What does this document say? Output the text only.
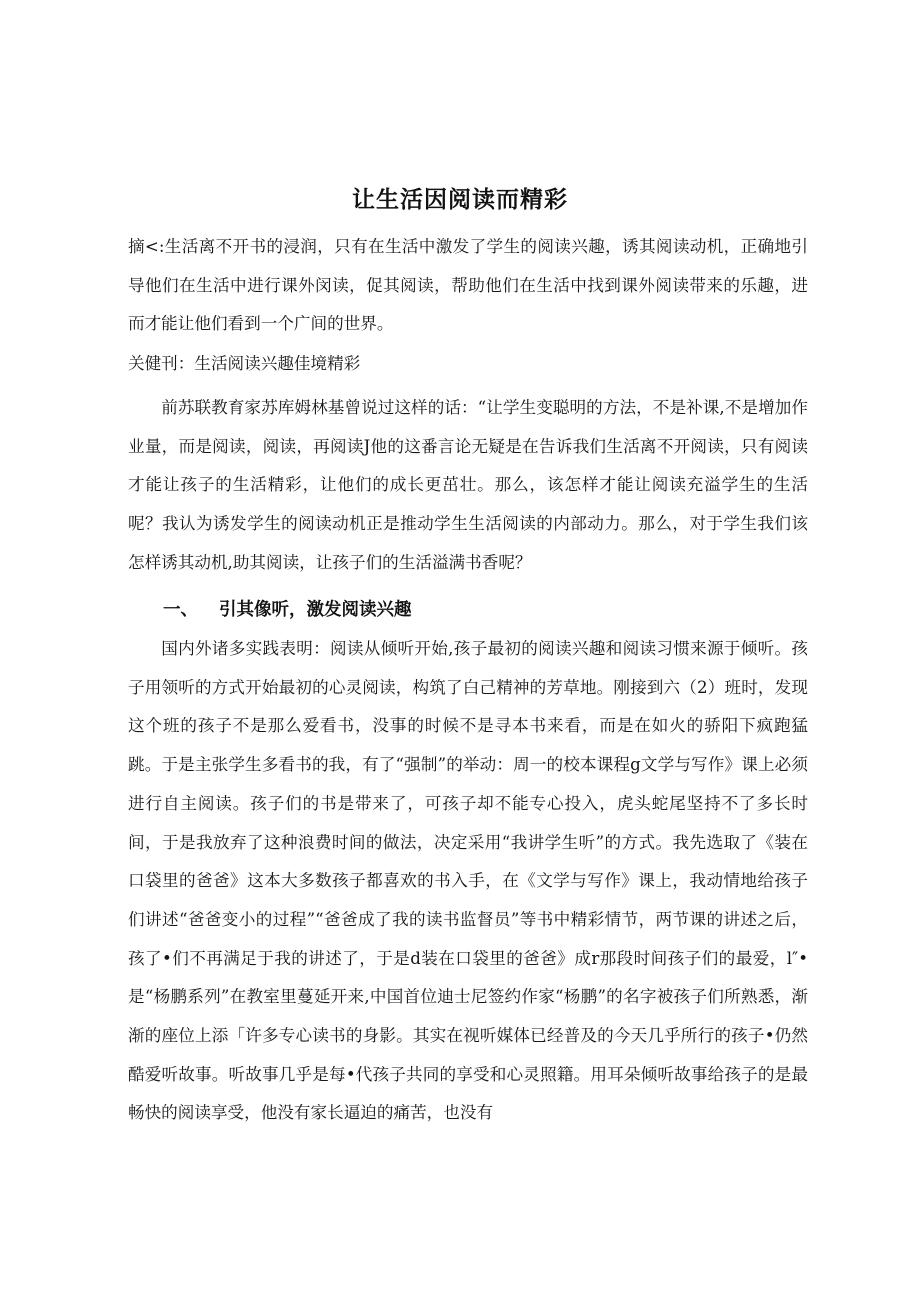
让生活因阅读而精彩

摘<:生活离不开书的浸润，只有在生活中激发了学生的阅读兴趣，诱其阅读动机，正确地引导他们在生活中进行课外闵读，促其阅读，帮助他们在生活中找到课外阅读带来的乐趣，进而才能让他们看到一个广间的世界。

关健刊：生活阅读兴趣佳境精彩

前苏联教育家苏库姆林基曾说过这样的话：“让学生变聪明的方法，不是补课,不是增加作业量，而是阅读，阅读，再阅读J他的这番言论无疑是在告诉我们生活离不开阅读，只有阅读才能让孩子的生活精彩，让他们的成长更茁壮。那么，该怎样才能让阅读充溢学生的生活呢？我认为诱发学生的阅读动机正是推动学生生活阅读的内部动力。那么，对于学生我们该怎样诱其动机,助其阅读，让孩子们的生活溢满书香呢？

一、 引其像听，激发阅读兴趣

国内外诸多实践表明：阅读从倾听开始,孩子最初的阅读兴趣和阅读习惯来源于倾听。孩子用领听的方式开始最初的心灵阅读，构筑了白己精神的芳草地。刚接到六（2）班时，发现这个班的孩子不是那么爱看书，没事的时候不是寻本书来看，而是在如火的骄阳下疯跑猛跳。于是主张学生多看书的我，有了“强制”的举动：周一的校本课程g文学与写作》课上必须进行自主阅读。孩子们的书是带来了，可孩子却不能专心投入，虎头蛇尾坚持不了多长时间，于是我放弃了这种浪费时间的做法，决定采用“我讲学生听”的方式。我先选取了《装在口袋里的爸爸》这本大多数孩子都喜欢的书入手，在《文学与写作》课上，我动情地给孩子们讲述“爸爸变小的过程”“爸爸成了我的读书监督员”等书中精彩情节，两节课的讲述之后，孩了•们不再满足于我的讲述了，于是d装在口袋里的爸爸》成r那段时间孩子们的最爱，l″•是“杨鹏系列”在教室里蔓延开来,中国首位迪士尼签约作家“杨鹏”的名字被孩子们所熟悉，渐渐的座位上添「许多专心读书的身影。其实在视听媒体已经普及的今天几乎所行的孩子•仍然酷爱听故事。听故事几乎是每•代孩子共同的享受和心灵照籍。用耳朵倾听故事给孩子的是最畅快的阅读享受，他没有家长逼迫的痛苦，也没有
